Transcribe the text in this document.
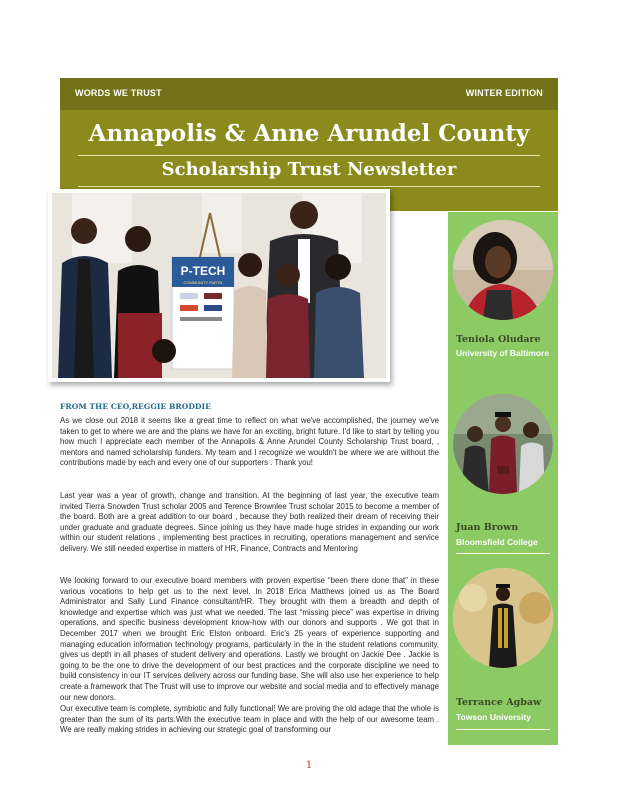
WORDS WE TRUST	WINTER EDITION
Annapolis & Anne Arundel County
Scholarship Trust Newsletter
Teniola Oludare
University of Baltimore
Juan Brown
Bloomsfield College
Terrance Agbaw
Towson University
P-TECH
COMMUNITY PARTN
FROM THE CEO,REGGIE BRODDIE

As we close out 2018 it seems like a great time to reflect on what we've accomplished, the journey we've taken to get to where we are and the plans we have for an exciting, bright future. I'd like to start by telling you how much I appreciate each member of the Annapolis & Anne Arundel County Scholarship Trust board, , mentors and named scholarship funders. My team and I recognize we wouldn't be where we are without the contributions made by each and every one of our supporters . Thank you!

Last year was a year of growth, change and transition. At the beginning of last year, the executive team invited Tierra Snowden Trust scholar 2005 and Terence Brownlee Trust scholar 2015 to become a member of the board. Both are a great addition to our board , because they both realized their dream of receiving their under graduate and graduate degrees. Since joining us they have made huge strides in expanding our work within our student relations , implementing best practices in recruiting, operations management and service delivery. We still needed expertise in matters of HR, Finance, Contracts and Mentoring

We looking forward to our executive board members with proven expertise “been there done that” in these various vocations to help get us to the next level. In 2018 Erica Matthews joined us as The Board Administrator and Sally Lund Finance consultant/HR. They brought with them a breadth and depth of knowledge and expertise which was just what we needed. The last “missing piece” was expertise in driving operations, and specific business development know-how with our donors and supports . We got that in December 2017 when we brought Eric Elston onboard. Eric's 25 years of experience supporting and managing education information technology programs, particularly in the in the student relations community, gives us depth in all phases of student delivery and operations. Lastly we brought on Jackie Dee . Jackie is going to be the one to drive the development of our best practices and the corporate discipline we need to build consistency in our IT services delivery across our funding base. She will also use her experience to help create a framework that The Trust will use to improve our website and social media and to effectively manage our new donors.

Our executive team is complete, symbiotic and fully functional! We are proving the old adage that the whole is greater than the sum of its parts.With the executive team in place and with the help of our awesome team . We are really making strides in achieving our strategic goal of transforming our

1
